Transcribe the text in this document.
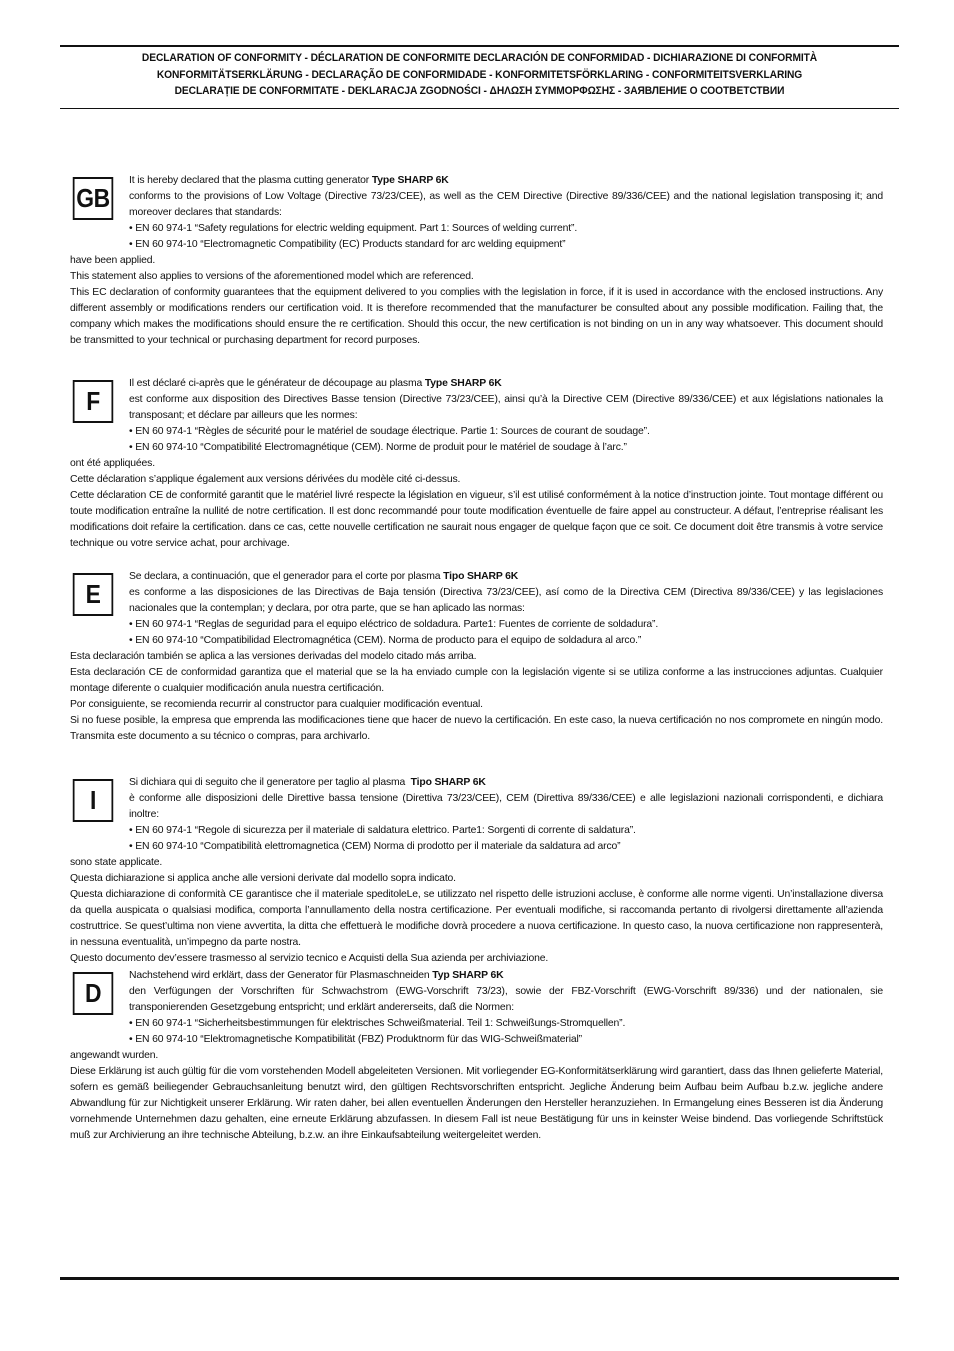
DECLARATION OF CONFORMITY - DÉCLARATION DE CONFORMITE DECLARACIÓN DE CONFORMIDAD - DICHIARAZIONE DI CONFORMITÀ
KONFORMITÄTSERKLÄRUNG - DECLARAÇÃO DE CONFORMIDADE - KONFORMITETSFÖRKLARING - CONFORMITEITSVERKLARING
DECLARAȚIE DE CONFORMITATE - DEKLARACJA ZGODNOŚCI - ΔΗΛΩΣΗ ΣΥΜΜΟΡΦΩΣΗΣ - ЗАЯВЛЕНИЕ О СООТВЕТСТВИИ
GB
It is hereby declared that the plasma cutting generator Type SHARP 6K
conforms to the provisions of Low Voltage (Directive 73/23/CEE), as well as the CEM Directive (Directive 89/336/CEE) and the national legislation transposing it; and moreover declares that standards:
• EN 60 974-1 “Safety regulations for electric welding equipment. Part 1: Sources of welding current”.
• EN 60 974-10 “Electromagnetic Compatibility (EC) Products standard for arc welding equipment”
have been applied.
This statement also applies to versions of the aforementioned model which are referenced.
This EC declaration of conformity guarantees that the equipment delivered to you complies with the legislation in force, if it is used in accordance with the enclosed instructions. Any different assembly or modifications renders our certification void. It is therefore recommended that the manufacturer be consulted about any possible modification. Failing that, the company which makes the modifications should ensure the re certification. Should this occur, the new certification is not binding on un in any way whatsoever. This document should be transmitted to your technical or purchasing department for record purposes.
F
Il est déclaré ci-après que le générateur de découpage au plasma Type SHARP 6K
est conforme aux disposition des Directives Basse tension (Directive 73/23/CEE), ainsi qu’à la Directive CEM (Directive 89/336/CEE) et aux législations nationales la transposant; et déclare par ailleurs que les normes:
• EN 60 974-1 “Règles de sécurité pour le matériel de soudage électrique. Partie 1: Sources de courant de soudage”.
• EN 60 974-10 “Compatibilité Electromagnétique (CEM). Norme de produit pour le matériel de soudage à l’arc.”
ont été appliquées.
Cette déclaration s’applique également aux versions dérivées du modèle cité ci-dessus.
Cette déclaration CE de conformité garantit que le matériel livré respecte la législation en vigueur, s’il est utilisé conformément à la notice d’instruction jointe. Tout montage différent ou toute modification entraîne la nullité de notre certification. Il est donc recommandé pour toute modification éventuelle de faire appel au constructeur. A défaut, l’entreprise réalisant les modifications doit refaire la certification. dans ce cas, cette nouvelle certification ne saurait nous engager de quelque façon que ce soit. Ce document doit être transmis à votre service technique ou votre service achat, pour archivage.
E
Se declara, a continuación, que el generador para el corte por plasma Tipo SHARP 6K
es conforme a las disposiciones de las Directivas de Baja tensión (Directiva 73/23/CEE), así como de la Directiva CEM (Directiva 89/336/CEE) y las legislaciones nacionales que la contemplan; y declara, por otra parte, que se han aplicado las normas:
• EN 60 974-1 “Reglas de seguridad para el equipo eléctrico de soldadura. Parte1: Fuentes de corriente de soldadura”.
• EN 60 974-10 “Compatibilidad Electromagnética (CEM). Norma de producto para el equipo de soldadura al arco.”
Esta declaración también se aplica a las versiones derivadas del modelo citado más arriba.
Esta declaración CE de conformidad garantiza que el material que se la ha enviado cumple con la legislación vigente si se utiliza conforme a las instrucciones adjuntas. Cualquier montage diferente o cualquier modificación anula nuestra certificación.
Por consiguiente, se recomienda recurrir al constructor para cualquier modificación eventual.
Si no fuese posible, la empresa que emprenda las modificaciones tiene que hacer de nuevo la certificación. En este caso, la nueva certificación no nos compromete en ningún modo. Transmita este documento a su técnico o compras, para archivarlo.
I
Si dichiara qui di seguito che il generatore per taglio al plasma  Tipo SHARP 6K
è conforme alle disposizioni delle Direttive bassa tensione (Direttiva 73/23/CEE), CEM (Direttiva 89/336/CEE) e alle legislazioni nazionali corrispondenti, e dichiara inoltre:
• EN 60 974-1 “Regole di sicurezza per il materiale di saldatura elettrico. Parte1: Sorgenti di corrente di saldatura”.
• EN 60 974-10 “Compatibilità elettromagnetica (CEM) Norma di prodotto per il materiale da saldatura ad arco”
sono state applicate.
Questa dichiarazione si applica anche alle versioni derivate dal modello sopra indicato.
Questa dichiarazione di conformità CE garantisce che il materiale speditoleLe, se utilizzato nel rispetto delle istruzioni accluse, è conforme alle norme vigenti. Un’installazione diversa da quella auspicata o qualsiasi modifica, comporta l’annullamento della nostra certificazione. Per eventuali modifiche, si raccomanda pertanto di rivolgersi direttamente all’azienda costruttrice. Se quest’ultima non viene avvertita, la ditta che effettuerà le modifiche dovrà procedere a nuova certificazione. In questo caso, la nuova certificazione non rappresenterà, in nessuna eventualità, un’impegno da parte nostra.
Questo documento dev’essere trasmesso al servizio tecnico e Acquisti della Sua azienda per archiviazione.
D
Nachstehend wird erklärt, dass der Generator für Plasmaschneiden Typ SHARP 6K
den Verfügungen der Vorschriften für Schwachstrom (EWG-Vorschrift 73/23), sowie der FBZ-Vorschrift (EWG-Vorschrift 89/336) und der nationalen, sie transponierenden Gesetzgebung entspricht; und erklärt andererseits, daß die Normen:
• EN 60 974-1 “Sicherheitsbestimmungen für elektrisches Schweißmaterial. Teil 1: Schweißungs-Stromquellen”.
• EN 60 974-10 “Elektromagnetische Kompatibilität (FBZ) Produktnorm für das WIG-Schweißmaterial”
angewandt wurden.
Diese Erklärung ist auch gültig für die vom vorstehenden Modell abgeleiteten Versionen. Mit vorliegender EG-Konformitätserklärung wird garantiert, dass das Ihnen gelieferte Material, sofern es gemäß beiliegender Gebrauchsanleitung benutzt wird, den gültigen Rechtsvorschriften entspricht. Jegliche Änderung beim Aufbau beim Aufbau b.z.w. jegliche andere Abwandlung für zur Nichtigkeit unserer Erklärung. Wir raten daher, bei allen eventuellen Änderungen den Hersteller heranzuziehen. In Ermangelung eines Besseren ist dia Änderung vornehmende Unternehmen dazu gehalten, eine erneute Erklärung abzufassen. In diesem Fall ist neue Bestätigung für uns in keinster Weise bindend. Das vorliegende Schriftstück muß zur Archivierung an ihre technische Abteilung, b.z.w. an ihre Einkaufsabteilung weitergeleitet werden.
